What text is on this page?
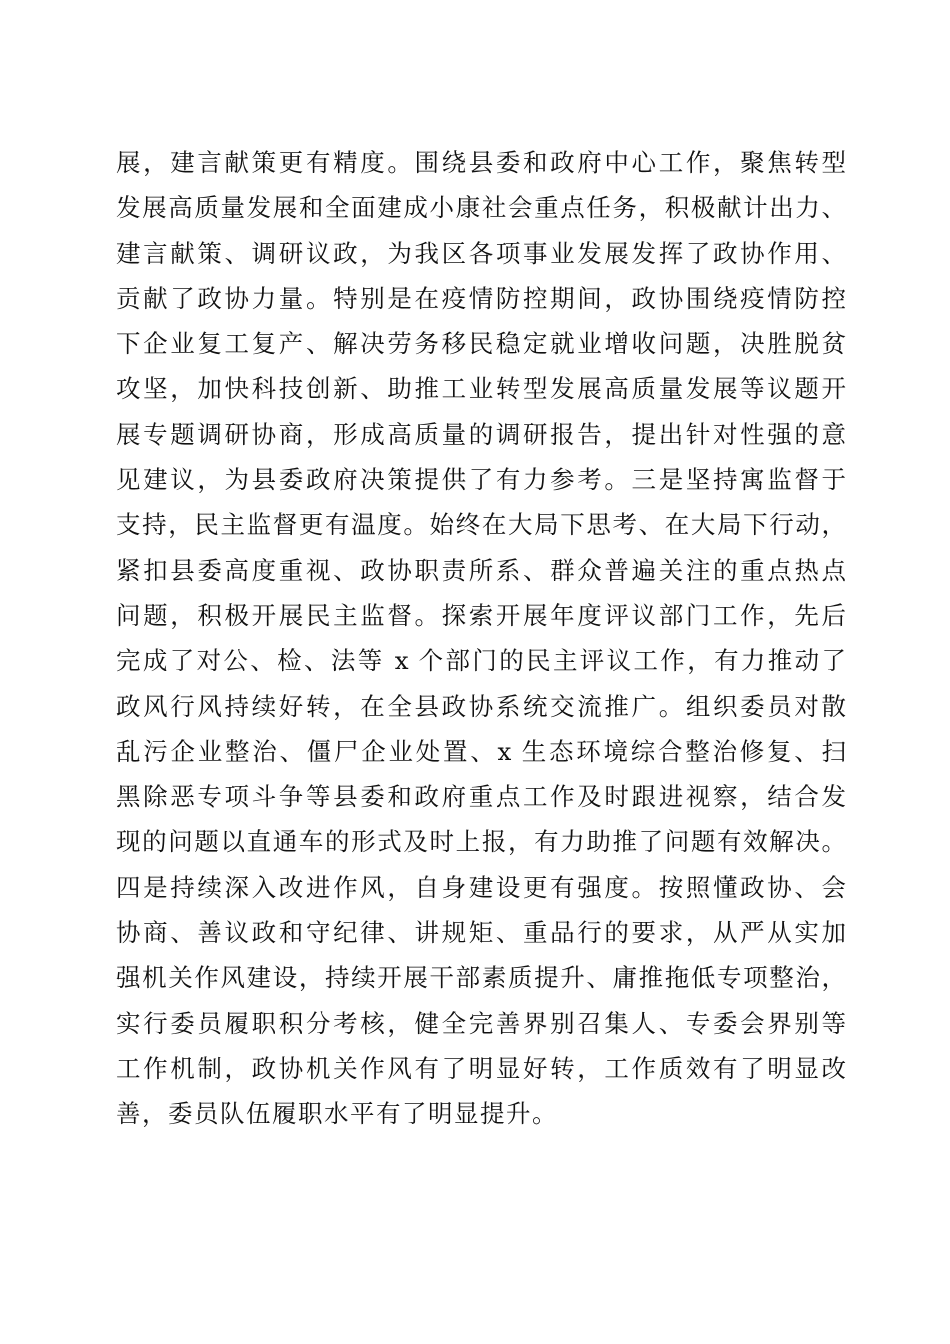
展，建言献策更有精度。围绕县委和政府中心工作，聚焦转型
发展高质量发展和全面建成小康社会重点任务，积极献计出力、
建言献策、调研议政，为我区各项事业发展发挥了政协作用、
贡献了政协力量。特别是在疫情防控期间，政协围绕疫情防控
下企业复工复产、解决劳务移民稳定就业增收问题，决胜脱贫
攻坚，加快科技创新、助推工业转型发展高质量发展等议题开
展专题调研协商，形成高质量的调研报告，提出针对性强的意
见建议，为县委政府决策提供了有力参考。三是坚持寓监督于
支持，民主监督更有温度。始终在大局下思考、在大局下行动，
紧扣县委高度重视、政协职责所系、群众普遍关注的重点热点
问题，积极开展民主监督。探索开展年度评议部门工作，先后
完成了对公、检、法等 x 个部门的民主评议工作，有力推动了
政风行风持续好转，在全县政协系统交流推广。组织委员对散
乱污企业整治、僵尸企业处置、x 生态环境综合整治修复、扫
黑除恶专项斗争等县委和政府重点工作及时跟进视察，结合发
现的问题以直通车的形式及时上报，有力助推了问题有效解决。
四是持续深入改进作风，自身建设更有强度。按照懂政协、会
协商、善议政和守纪律、讲规矩、重品行的要求，从严从实加
强机关作风建设，持续开展干部素质提升、庸推拖低专项整治，
实行委员履职积分考核，健全完善界别召集人、专委会界别等
工作机制，政协机关作风有了明显好转，工作质效有了明显改
善，委员队伍履职水平有了明显提升。
